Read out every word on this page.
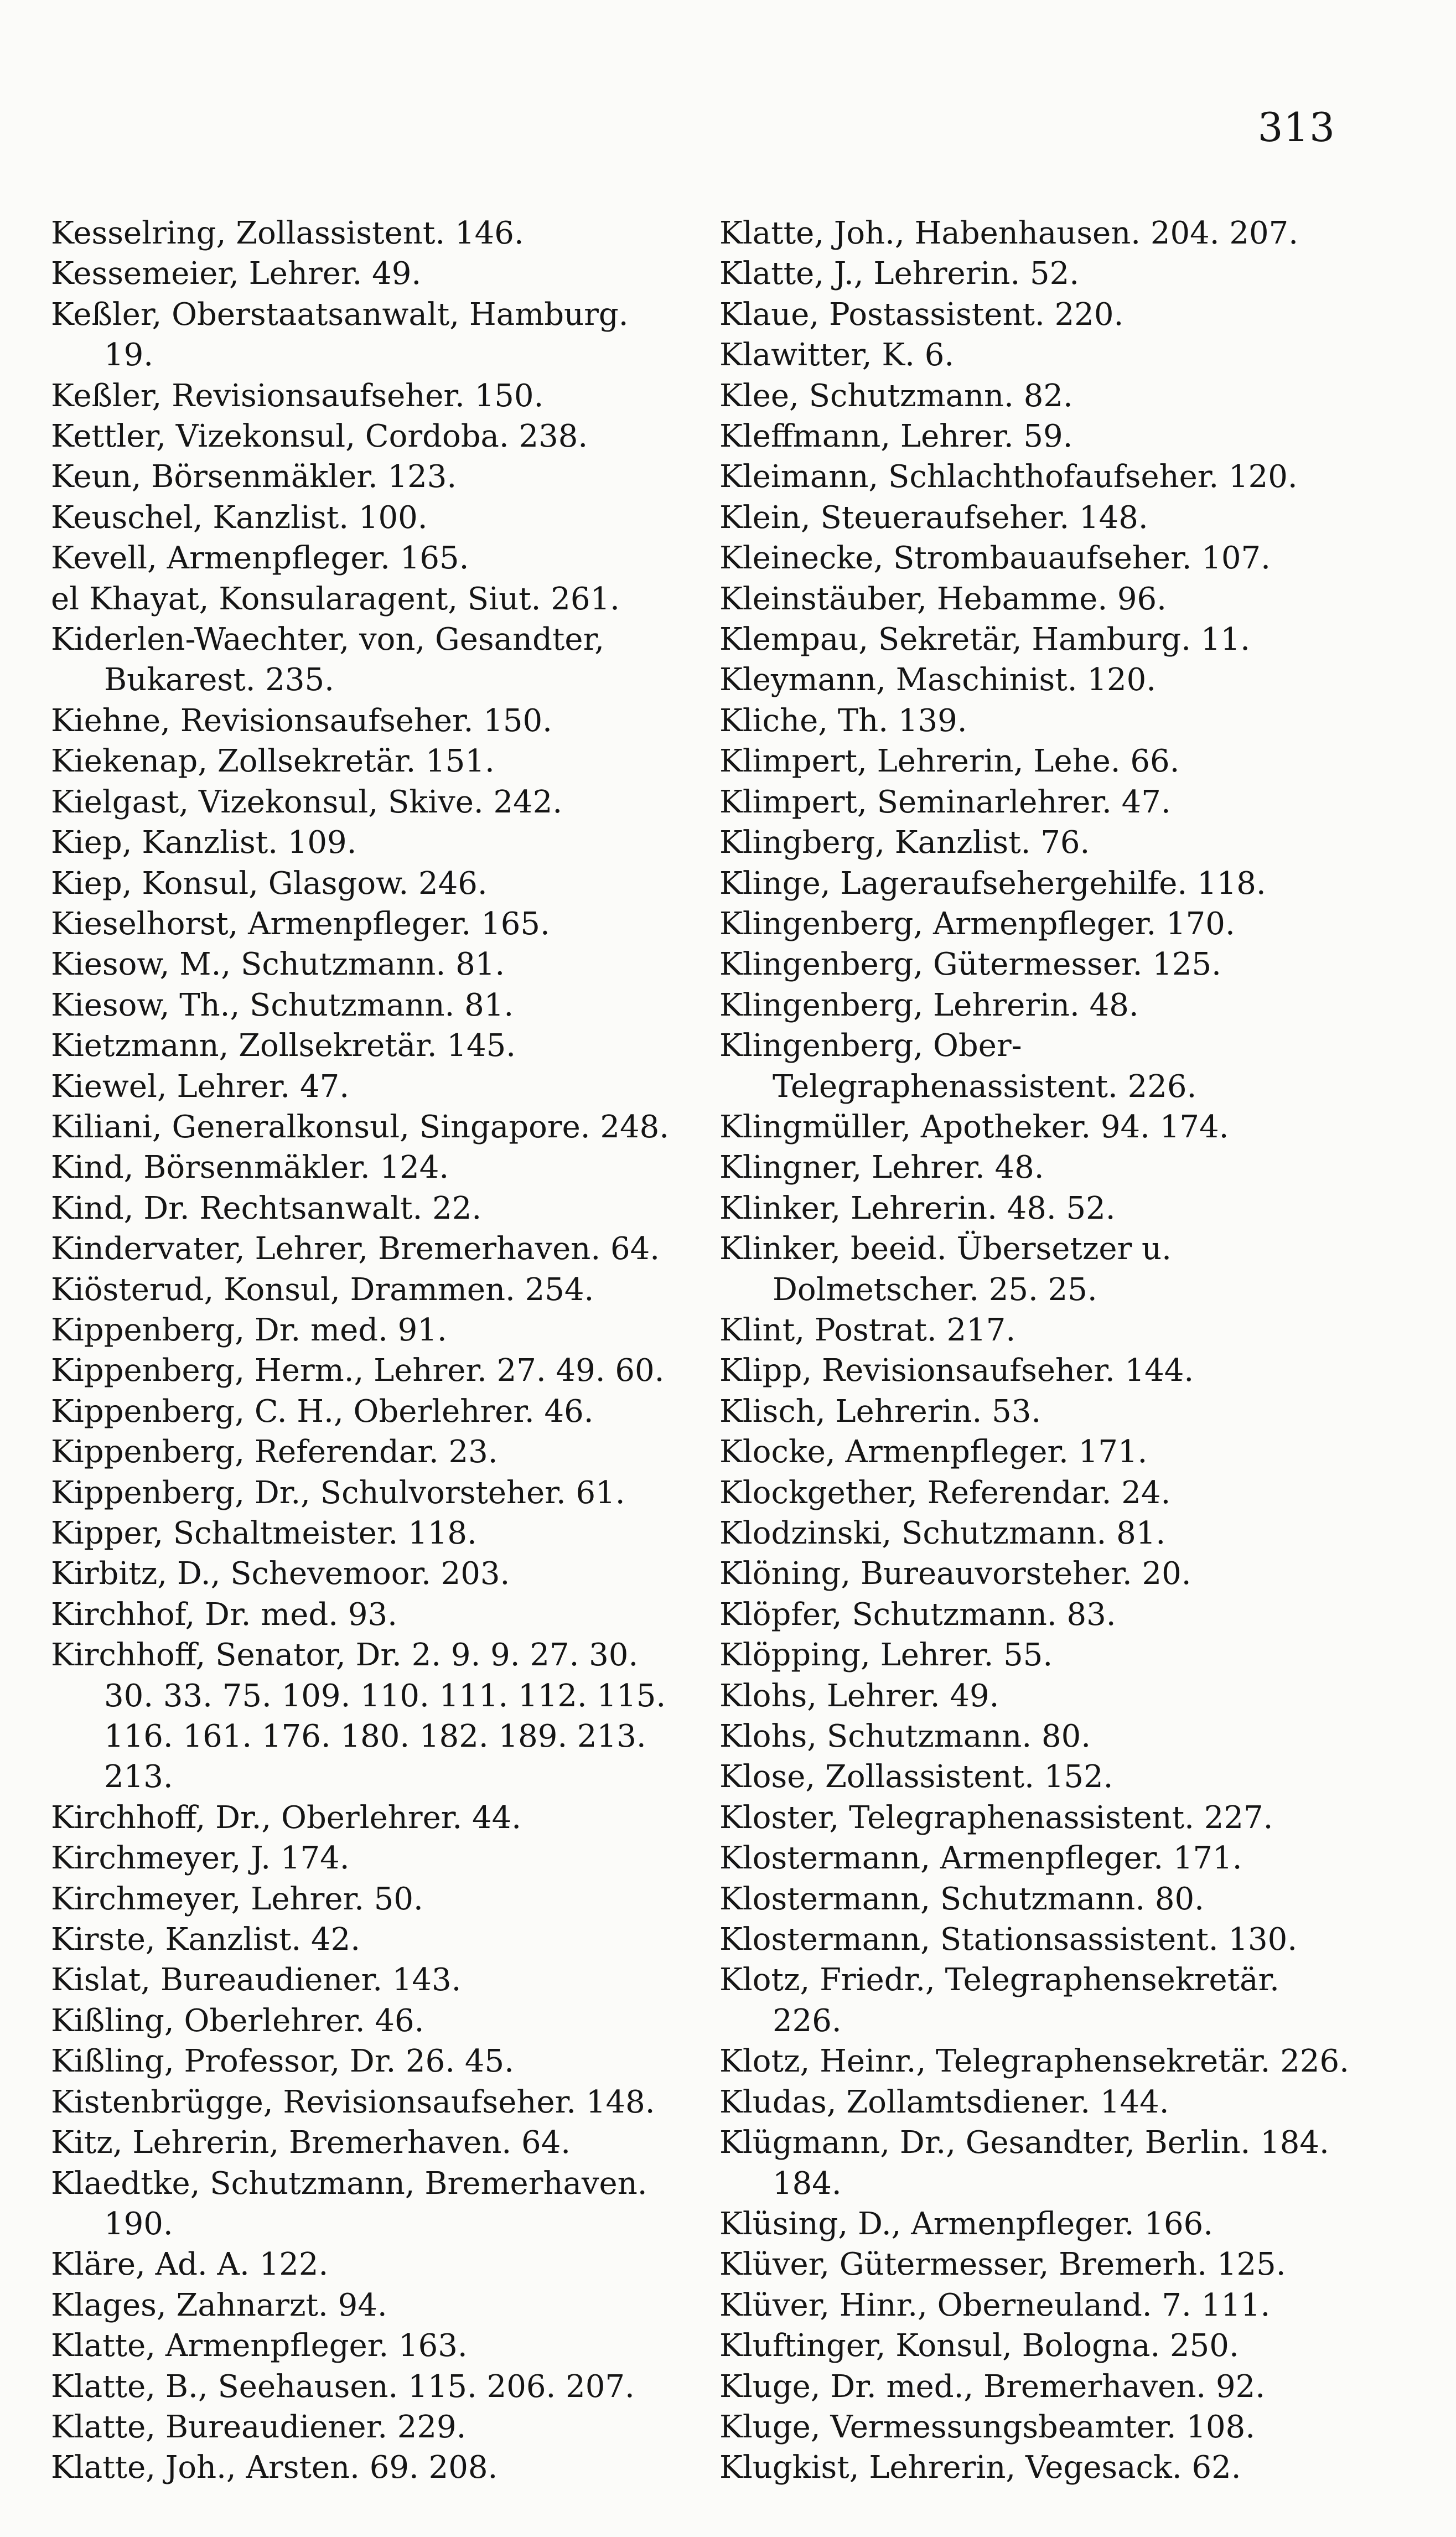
313
Kesselring, Zollassistent. 146.
Kessemeier, Lehrer. 49.
Keßler, Oberstaatsanwalt, Hamburg. 19.
Keßler, Revisionsaufseher. 150.
Kettler, Vizekonsul, Cordoba. 238.
Keun, Börsenmäkler. 123.
Keuschel, Kanzlist. 100.
Kevell, Armenpfleger. 165.
el Khayat, Konsularagent, Siut. 261.
Kiderlen-Waechter, von, Gesandter, Bukarest. 235.
Kiehne, Revisionsaufseher. 150.
Kiekenap, Zollsekretär. 151.
Kielgast, Vizekonsul, Skive. 242.
Kiep, Kanzlist. 109.
Kiep, Konsul, Glasgow. 246.
Kieselhorst, Armenpfleger. 165.
Kiesow, M., Schutzmann. 81.
Kiesow, Th., Schutzmann. 81.
Kietzmann, Zollsekretär. 145.
Kiewel, Lehrer. 47.
Kiliani, Generalkonsul, Singapore. 248.
Kind, Börsenmäkler. 124.
Kind, Dr. Rechtsanwalt. 22.
Kindervater, Lehrer, Bremerhaven. 64.
Kiösterud, Konsul, Drammen. 254.
Kippenberg, Dr. med. 91.
Kippenberg, Herm., Lehrer. 27. 49. 60.
Kippenberg, C. H., Oberlehrer. 46.
Kippenberg, Referendar. 23.
Kippenberg, Dr., Schulvorsteher. 61.
Kipper, Schaltmeister. 118.
Kirbitz, D., Schevemoor. 203.
Kirchhof, Dr. med. 93.
Kirchhoff, Senator, Dr. 2. 9. 9. 27. 30. 30. 33. 75. 109. 110. 111. 112. 115. 116. 161. 176. 180. 182. 189. 213. 213.
Kirchhoff, Dr., Oberlehrer. 44.
Kirchmeyer, J. 174.
Kirchmeyer, Lehrer. 50.
Kirste, Kanzlist. 42.
Kislat, Bureaudiener. 143.
Kißling, Oberlehrer. 46.
Kißling, Professor, Dr. 26. 45.
Kistenbrügge, Revisionsaufseher. 148.
Kitz, Lehrerin, Bremerhaven. 64.
Klaedtke, Schutzmann, Bremerhaven. 190.
Kläre, Ad. A. 122.
Klages, Zahnarzt. 94.
Klatte, Armenpfleger. 163.
Klatte, B., Seehausen. 115. 206. 207.
Klatte, Bureaudiener. 229.
Klatte, Joh., Arsten. 69. 208.
Klatte, Joh., Habenhausen. 204. 207.
Klatte, J., Lehrerin. 52.
Klaue, Postassistent. 220.
Klawitter, K. 6.
Klee, Schutzmann. 82.
Kleffmann, Lehrer. 59.
Kleimann, Schlachthofaufseher. 120.
Klein, Steueraufseher. 148.
Kleinecke, Strombauaufseher. 107.
Kleinstäuber, Hebamme. 96.
Klempau, Sekretär, Hamburg. 11.
Kleymann, Maschinist. 120.
Kliche, Th. 139.
Klimpert, Lehrerin, Lehe. 66.
Klimpert, Seminarlehrer. 47.
Klingberg, Kanzlist. 76.
Klinge, Lageraufsehergehilfe. 118.
Klingenberg, Armenpfleger. 170.
Klingenberg, Gütermesser. 125.
Klingenberg, Lehrerin. 48.
Klingenberg, Ober-Telegraphenassistent. 226.
Klingmüller, Apotheker. 94. 174.
Klingner, Lehrer. 48.
Klinker, Lehrerin. 48. 52.
Klinker, beeid. Übersetzer u. Dolmetscher. 25. 25.
Klint, Postrat. 217.
Klipp, Revisionsaufseher. 144.
Klisch, Lehrerin. 53.
Klocke, Armenpfleger. 171.
Klockgether, Referendar. 24.
Klodzinski, Schutzmann. 81.
Klöning, Bureauvorsteher. 20.
Klöpfer, Schutzmann. 83.
Klöpping, Lehrer. 55.
Klohs, Lehrer. 49.
Klohs, Schutzmann. 80.
Klose, Zollassistent. 152.
Kloster, Telegraphenassistent. 227.
Klostermann, Armenpfleger. 171.
Klostermann, Schutzmann. 80.
Klostermann, Stationsassistent. 130.
Klotz, Friedr., Telegraphensekretär. 226.
Klotz, Heinr., Telegraphensekretär. 226.
Kludas, Zollamtsdiener. 144.
Klügmann, Dr., Gesandter, Berlin. 184. 184.
Klüsing, D., Armenpfleger. 166.
Klüver, Gütermesser, Bremerh. 125.
Klüver, Hinr., Oberneuland. 7. 111.
Kluftinger, Konsul, Bologna. 250.
Kluge, Dr. med., Bremerhaven. 92.
Kluge, Vermessungsbeamter. 108.
Klugkist, Lehrerin, Vegesack. 62.
